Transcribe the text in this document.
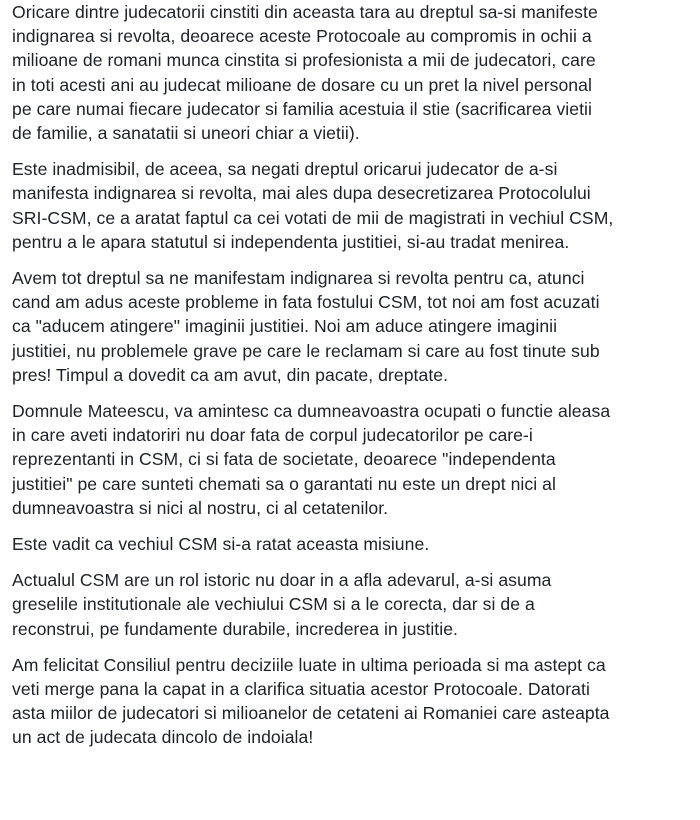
Oricare dintre judecatorii cinstiti din aceasta tara au dreptul sa-si manifeste
indignarea si revolta, deoarece aceste Protocoale au compromis in ochii a
milioane de romani munca cinstita si profesionista a mii de judecatori, care
in toti acesti ani au judecat milioane de dosare cu un pret la nivel personal
pe care numai fiecare judecator si familia acestuia il stie (sacrificarea vietii
de familie, a sanatatii si uneori chiar a vietii).

Este inadmisibil, de aceea, sa negati dreptul oricarui judecator de a-si
manifesta indignarea si revolta, mai ales dupa desecretizarea Protocolului
SRI-CSM, ce a aratat faptul ca cei votati de mii de magistrati in vechiul CSM,
pentru a le apara statutul si independenta justitiei, si-au tradat menirea.

Avem tot dreptul sa ne manifestam indignarea si revolta pentru ca, atunci
cand am adus aceste probleme in fata fostului CSM, tot noi am fost acuzati
ca "aducem atingere" imaginii justitiei. Noi am aduce atingere imaginii
justitiei, nu problemele grave pe care le reclamam si care au fost tinute sub
pres! Timpul a dovedit ca am avut, din pacate, dreptate.

Domnule Mateescu, va amintesc ca dumneavoastra ocupati o functie aleasa
in care aveti indatoriri nu doar fata de corpul judecatorilor pe care-i
reprezentanti in CSM, ci si fata de societate, deoarece "independenta
justitiei" pe care sunteti chemati sa o garantati nu este un drept nici al
dumneavoastra si nici al nostru, ci al cetatenilor.

Este vadit ca vechiul CSM si-a ratat aceasta misiune.

Actualul CSM are un rol istoric nu doar in a afla adevarul, a-si asuma
greselile institutionale ale vechiului CSM si a le corecta, dar si de a
reconstrui, pe fundamente durabile, increderea in justitie.

Am felicitat Consiliul pentru deciziile luate in ultima perioada si ma astept ca
veti merge pana la capat in a clarifica situatia acestor Protocoale. Datorati
asta miilor de judecatori si milioanelor de cetateni ai Romaniei care asteapta
un act de judecata dincolo de indoiala!
